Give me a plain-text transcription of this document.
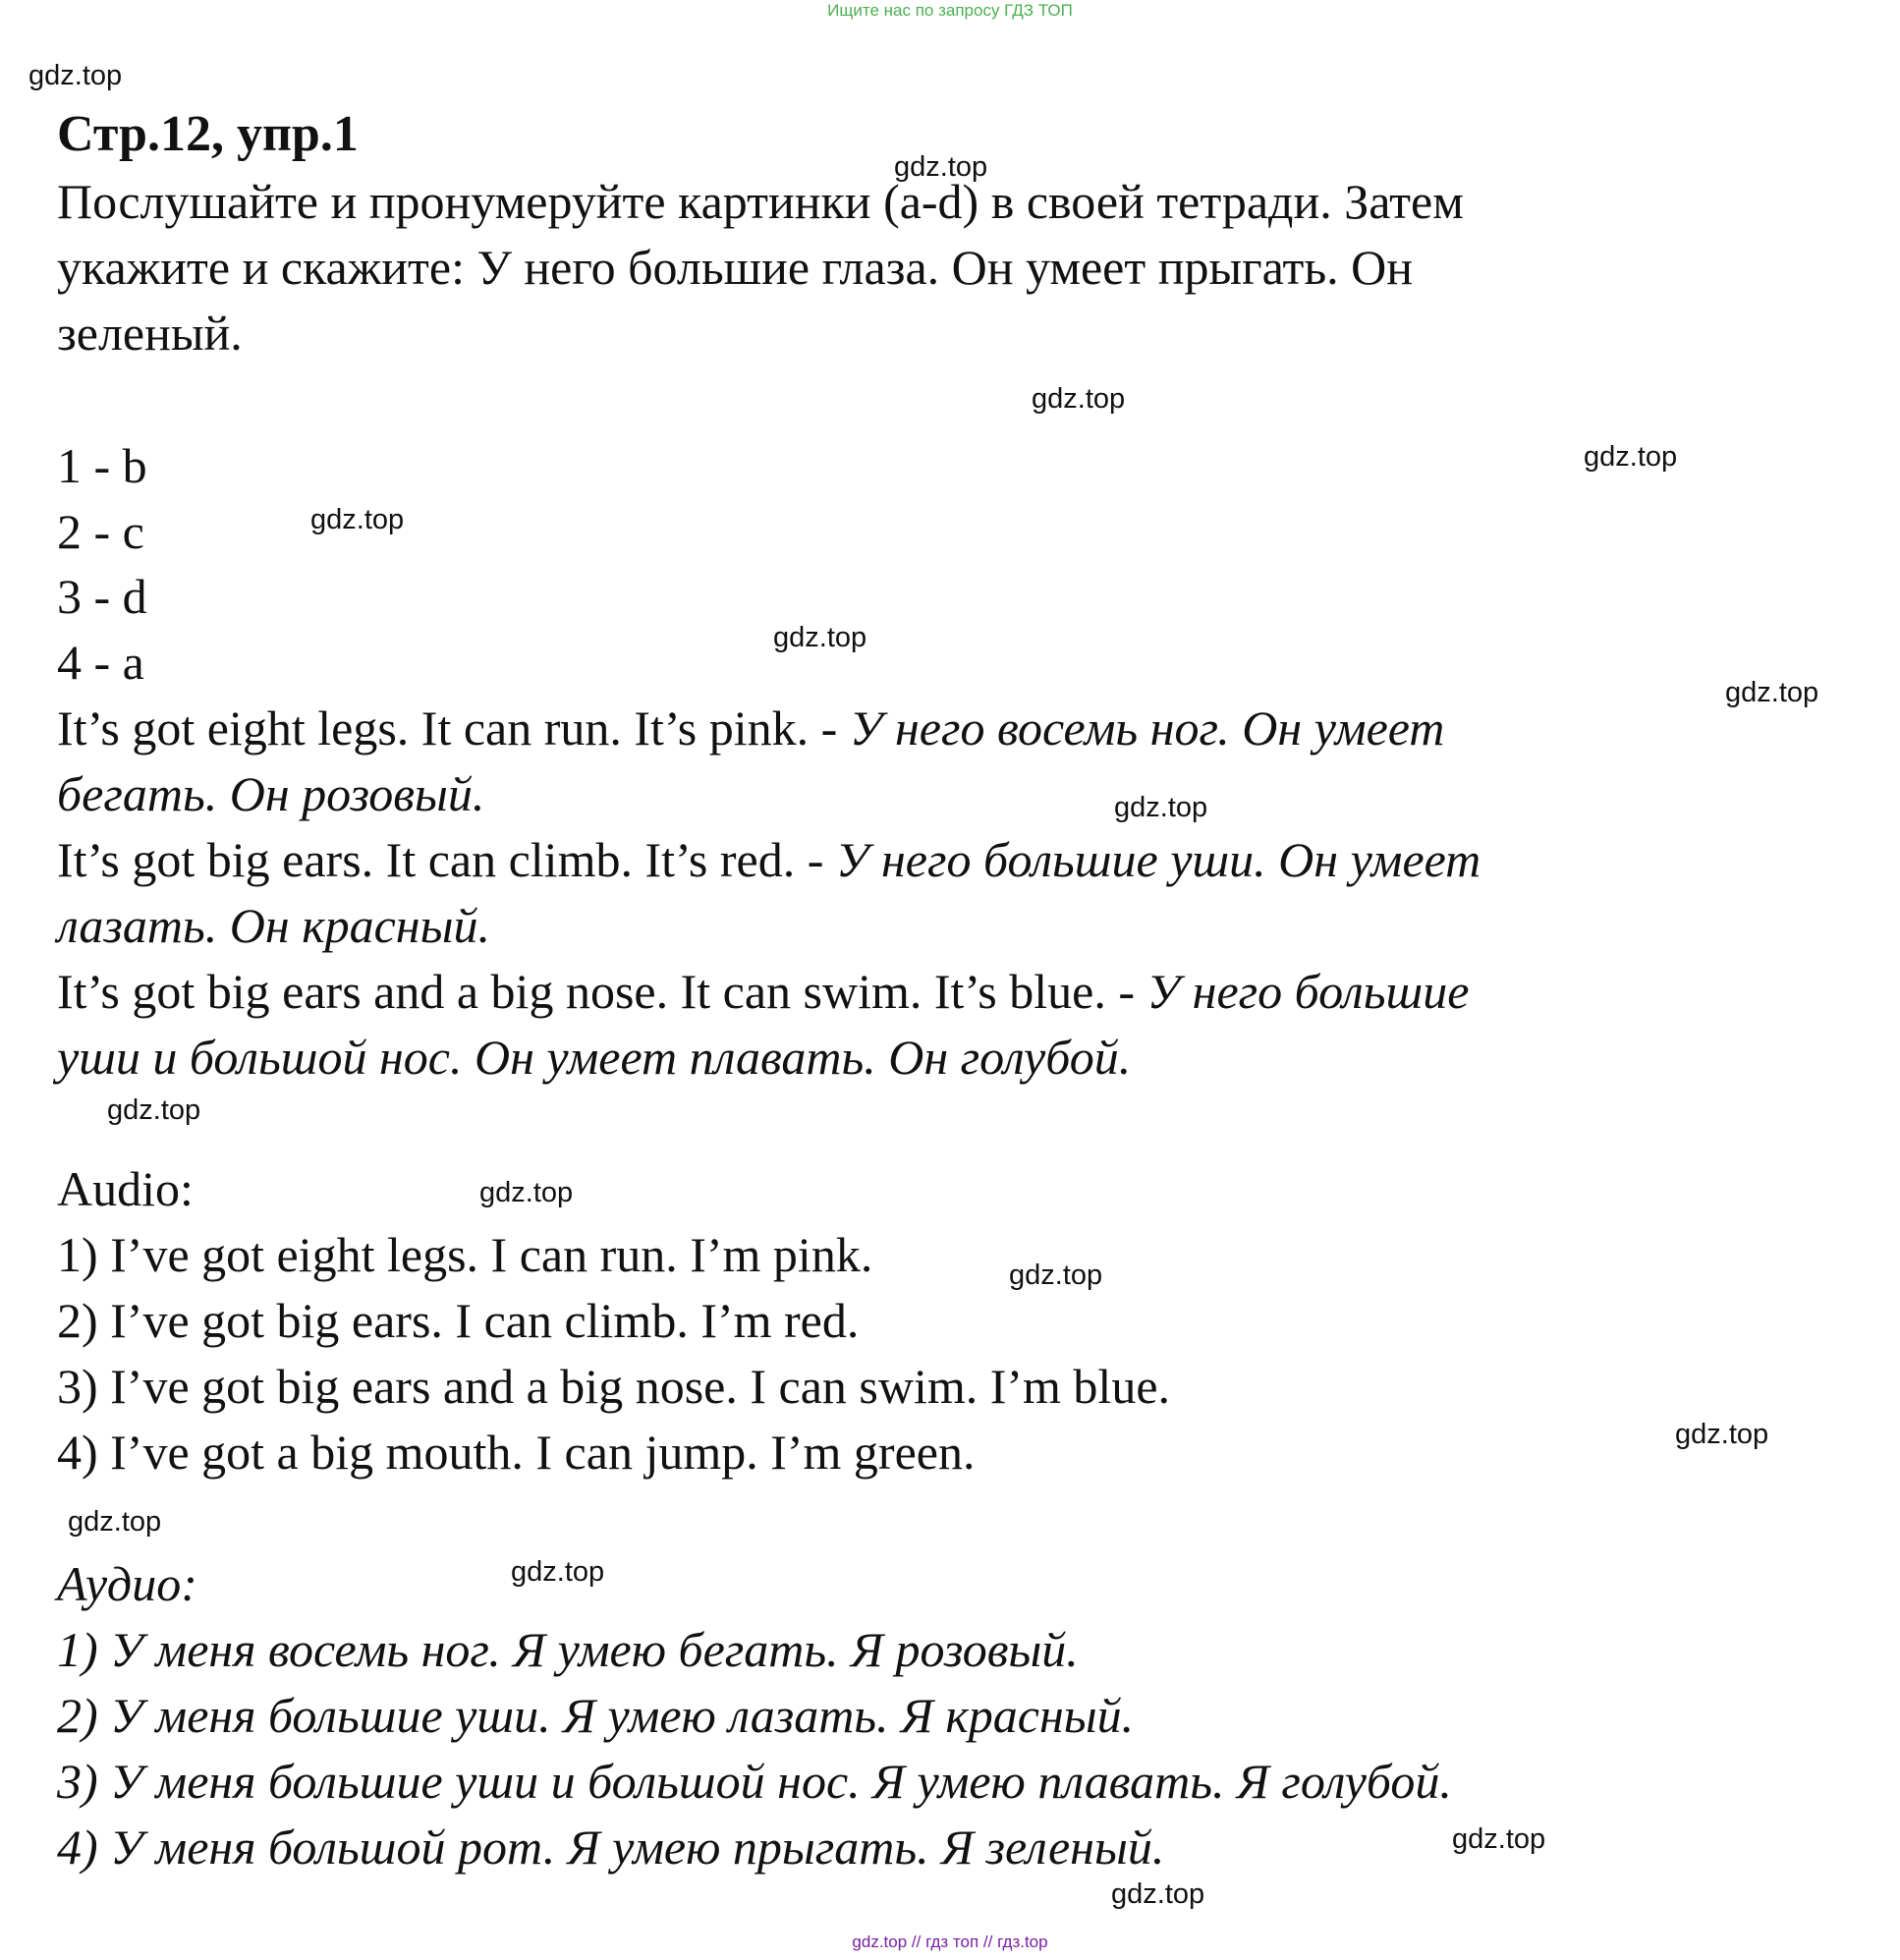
Ищите нас по запросу ГДЗ ТОП
Стр.12, упр.1
Послушайте и пронумеруйте картинки (a-d) в своей тетради. Затем
укажите и скажите: У него большие глаза. Он умеет прыгать. Он
зеленый.
1 - b
2 - c
3 - d
4 - a
It’s got eight legs. It can run. It’s pink. - У него восемь ног. Он умеет
бегать. Он розовый.
It’s got big ears. It can climb. It’s red. - У него большие уши. Он умеет
лазать. Он красный.
It’s got big ears and a big nose. It can swim. It’s blue. - У него большие
уши и большой нос. Он умеет плавать. Он голубой.
Audio:
1) I’ve got eight legs. I can run. I’m pink.
2) I’ve got big ears. I can climb. I’m red.
3) I’ve got big ears and a big nose. I can swim. I’m blue.
4) I’ve got a big mouth. I can jump. I’m green.
Аудио:
1) У меня восемь ног. Я умею бегать. Я розовый.
2) У меня большие уши. Я умею лазать. Я красный.
3) У меня большие уши и большой нос. Я умею плавать. Я голубой.
4) У меня большой рот. Я умею прыгать. Я зеленый.
gdz.top
gdz.top
gdz.top
gdz.top
gdz.top
gdz.top
gdz.top
gdz.top
gdz.top
gdz.top
gdz.top
gdz.top
gdz.top
gdz.top
gdz.top
gdz.top
gdz.top // гдз топ // гдз.top
